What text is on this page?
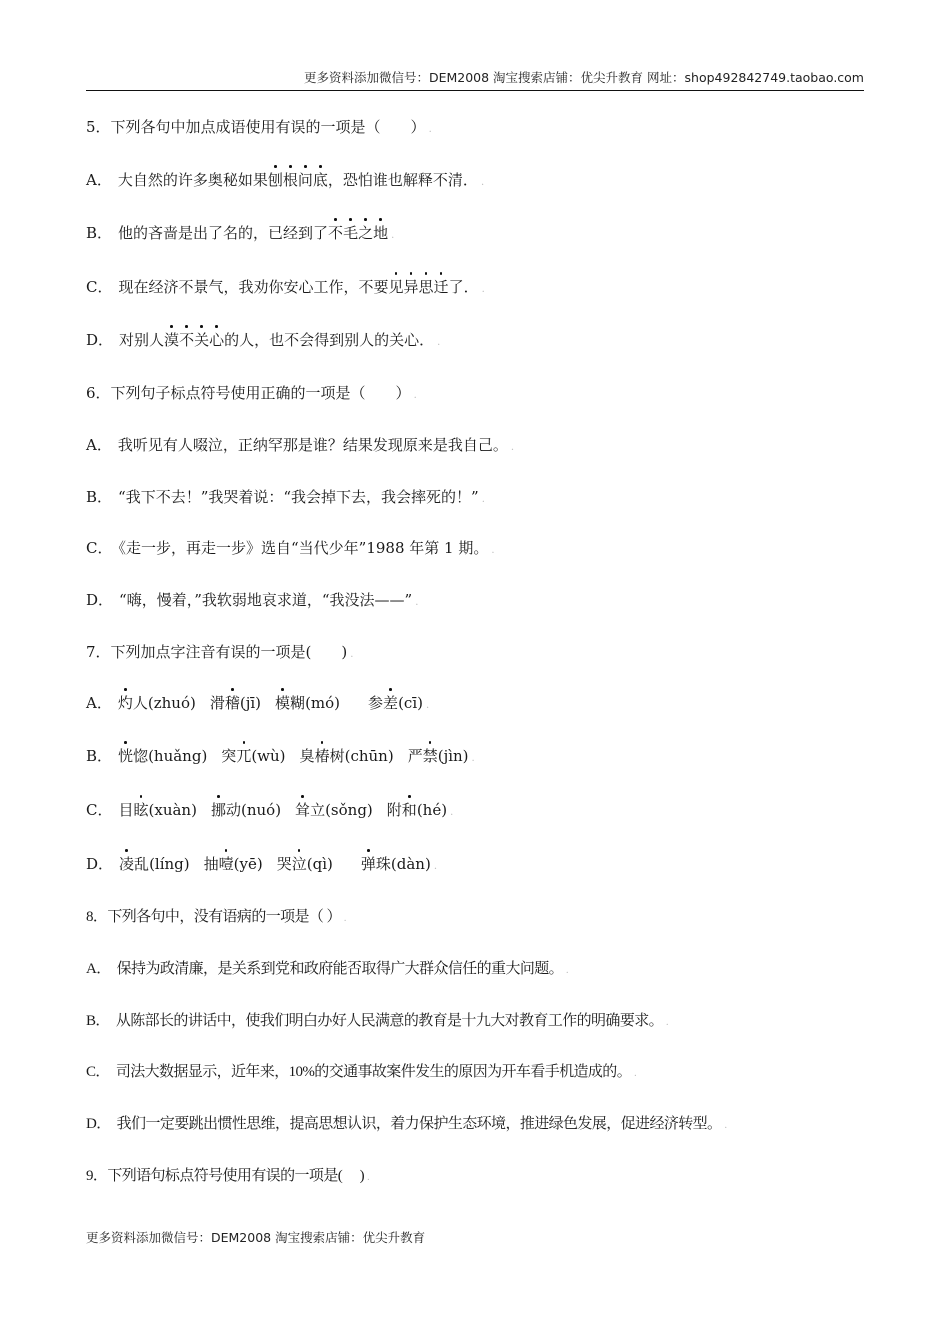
更多资料添加微信号：DEM2008 淘宝搜索店铺：优尖升教育 网址：shop492842749.taobao.com
5．下列各句中加点成语使用有误的一项是（　　） .
A． 大自然的许多奥秘如果刨根问底，恐怕谁也解释不清． .
B． 他的吝啬是出了名的，已经到了不毛之地 .
C． 现在经济不景气，我劝你安心工作，不要见异思迁了． .
D． 对别人漠不关心的人，也不会得到别人的关心． .
6．下列句子标点符号使用正确的一项是（　　） .
A． 我听见有人啜泣，正纳罕那是谁？结果发现原来是我自己。 .
B． “我下不去！”我哭着说：“我会掉下去，我会摔死的！” .
C． 《走一步，再走一步》选自“当代少年”1988 年第 1 期。 .
D． “嗨，慢着，”我软弱地哀求道，“我没法——” .
7．下列加点字注音有误的一项是(　　) .
A． 灼人(zhuó) 滑稽(jī) 模糊(mó) 参差(cī) .
B． 恍惚(huǎng) 突兀(wù) 臭椿树(chūn) 严禁(jìn) .
C． 目眩(xuàn) 挪动(nuó) 耸立(sǒng) 附和(hé) .
D． 凌乱(líng) 抽噎(yē) 哭泣(qì) 弹珠(dàn) .
8．下列各句中，没有语病的一项是（ ） .
A． 保持为政清廉，是关系到党和政府能否取得广大群众信任的重大问题。 .
B． 从陈部长的讲话中，使我们明白办好人民满意的教育是十九大对教育工作的明确要求。 .
C． 司法大数据显示，近年来，10%的交通事故案件发生的原因为开车看手机造成的。 .
D． 我们一定要跳出惯性思维，提高思想认识，着力保护生态环境，推进绿色发展，促进经济转型。 .
9．下列语句标点符号使用有误的一项是(　 ) .
更多资料添加微信号：DEM2008 淘宝搜索店铺：优尖升教育
